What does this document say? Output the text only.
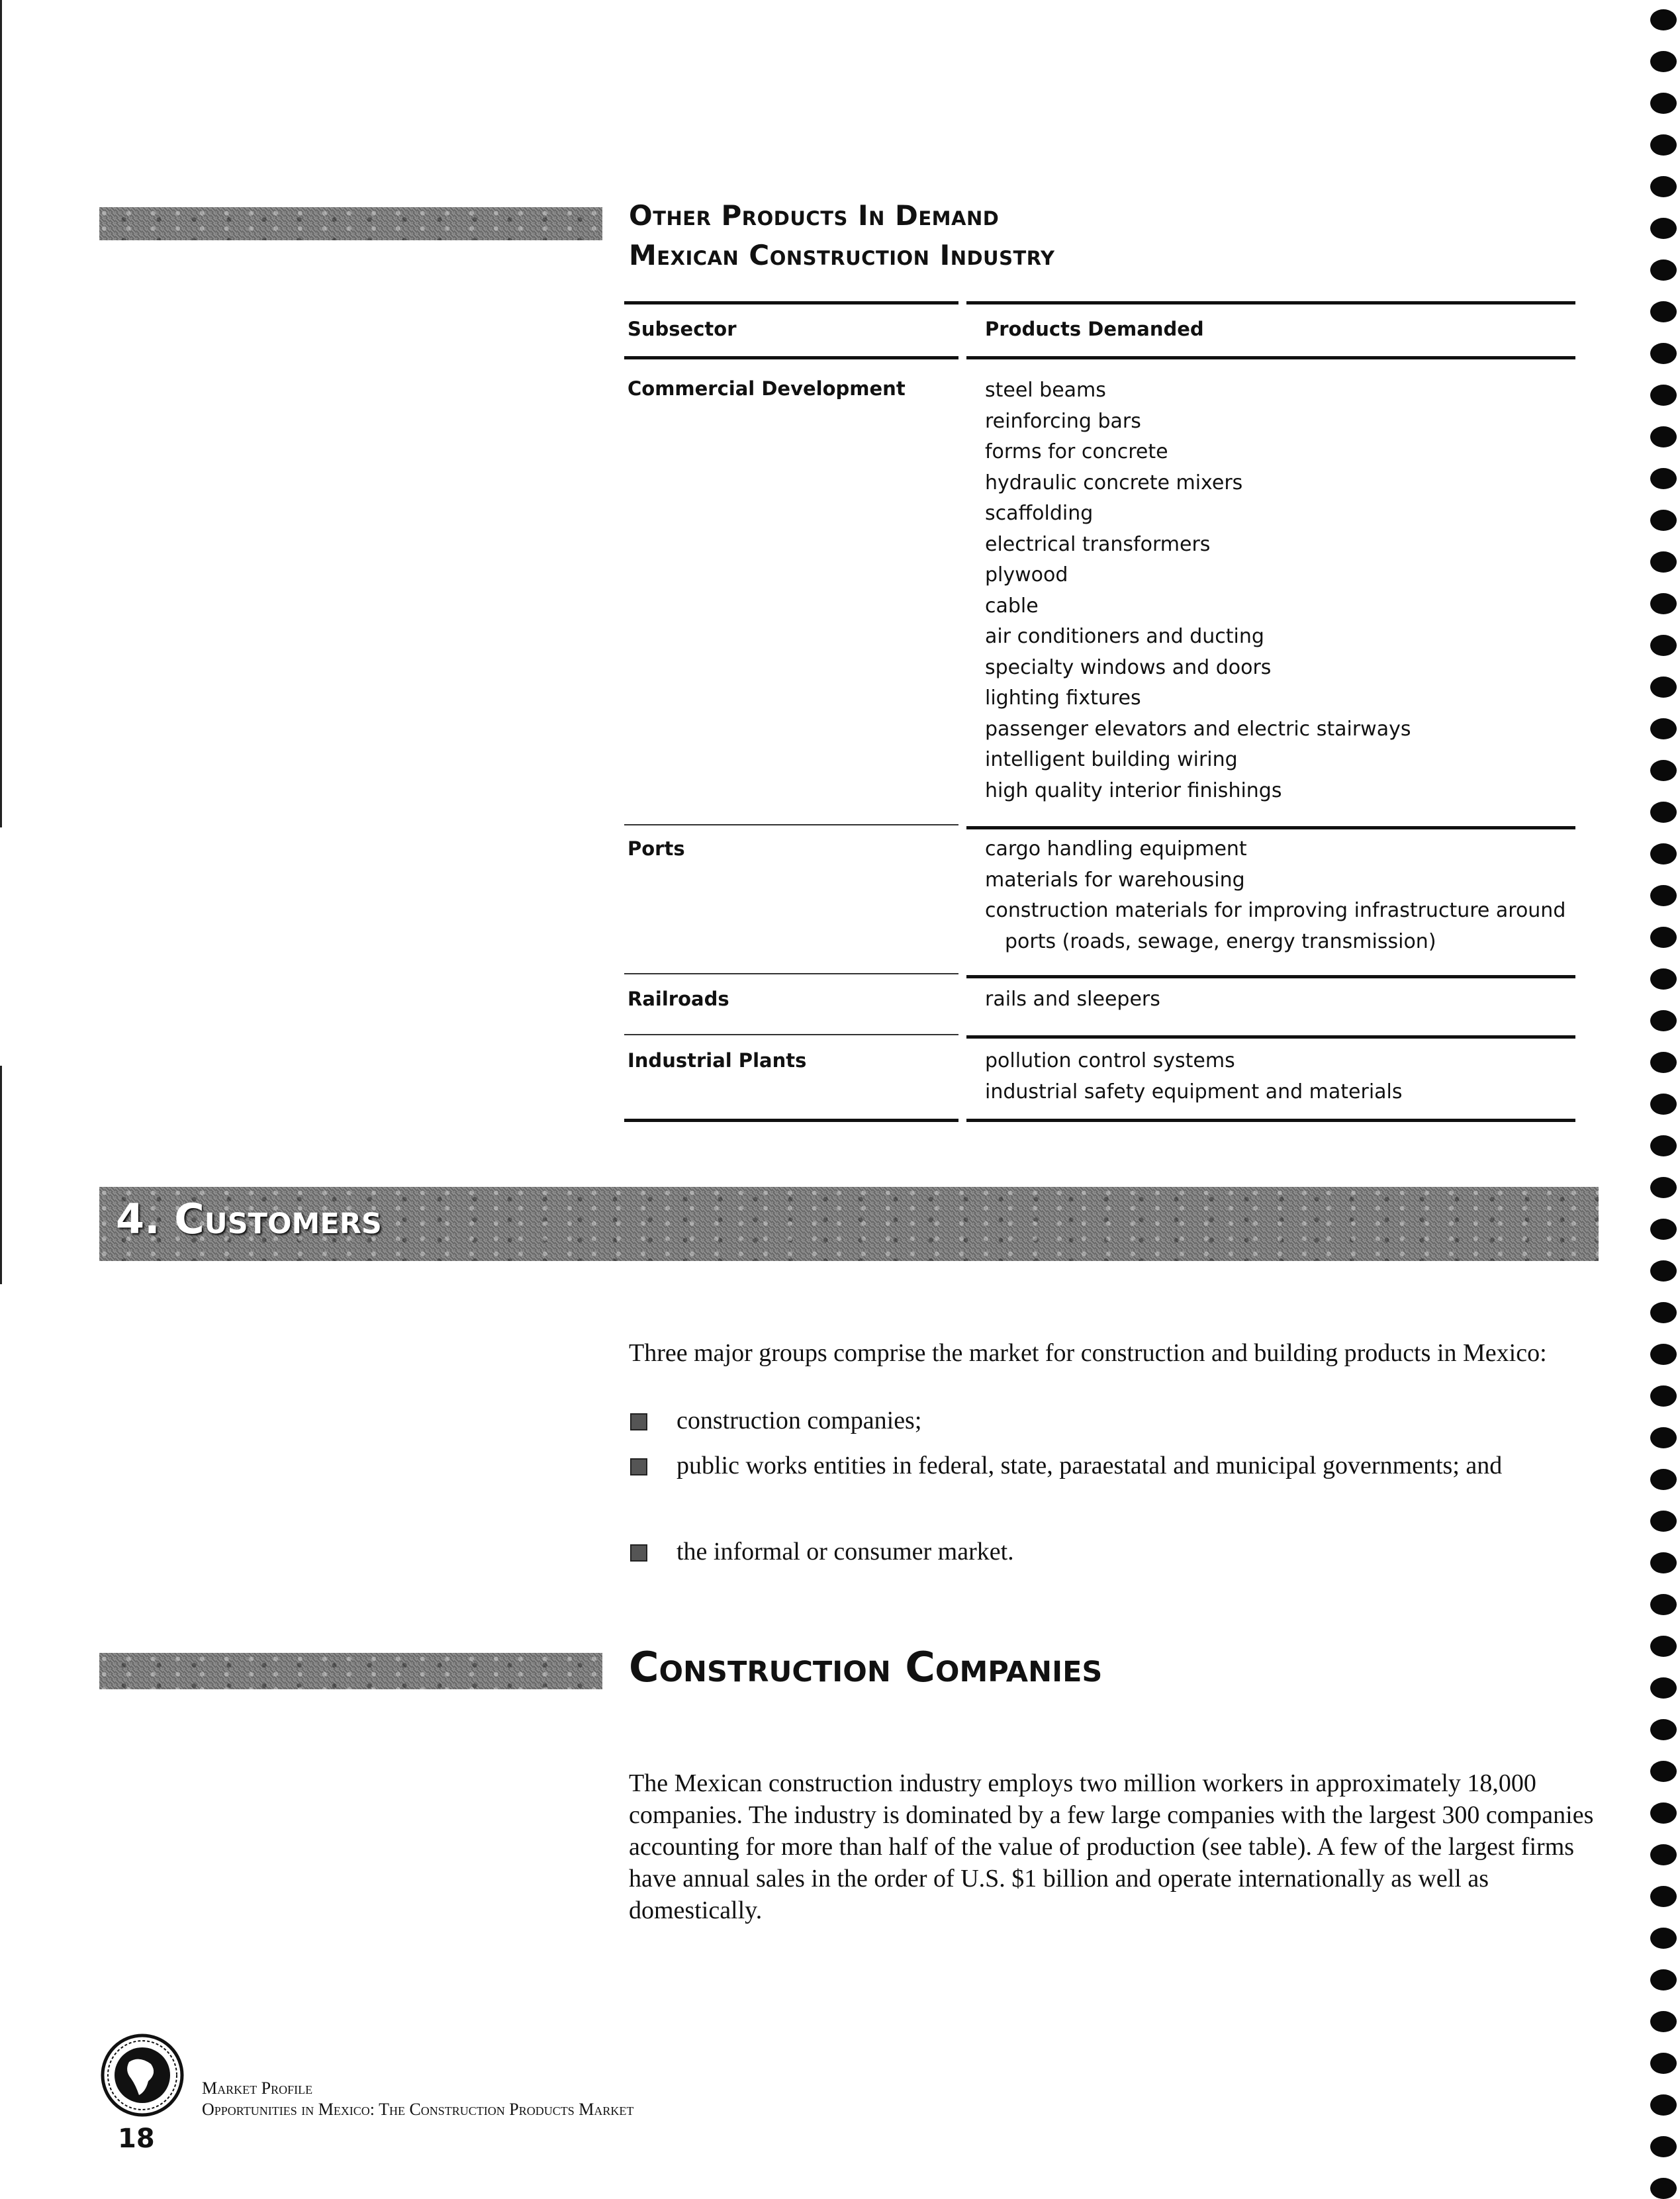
Other Products In Demand
Mexican Construction Industry
Subsector	Products Demanded
Commercial Development	steel beams
reinforcing bars
forms for concrete
hydraulic concrete mixers
scaffolding
electrical transformers
plywood
cable
air conditioners and ducting
specialty windows and doors
lighting fixtures
passenger elevators and electric stairways
intelligent building wiring
high quality interior finishings
Ports	cargo handling equipment
materials for warehousing
construction materials for improving infrastructure around
ports (roads, sewage, energy transmission)
Railroads	rails and sleepers
Industrial Plants	pollution control systems
industrial safety equipment and materials
4. Customers
Three major groups comprise the market for construction and building products in Mexico:
construction companies;
public works entities in federal, state, paraestatal and municipal governments; and
the informal or consumer market.
Construction Companies
The Mexican construction industry employs two million workers in approximately 18,000 companies. The industry is dominated by a few large companies with the largest 300 companies accounting for more than half of the value of production (see table). A few of the largest firms have annual sales in the order of U.S. $1 billion and operate internationally as well as domestically.
Market Profile
Opportunities in Mexico: The Construction Products Market
18
